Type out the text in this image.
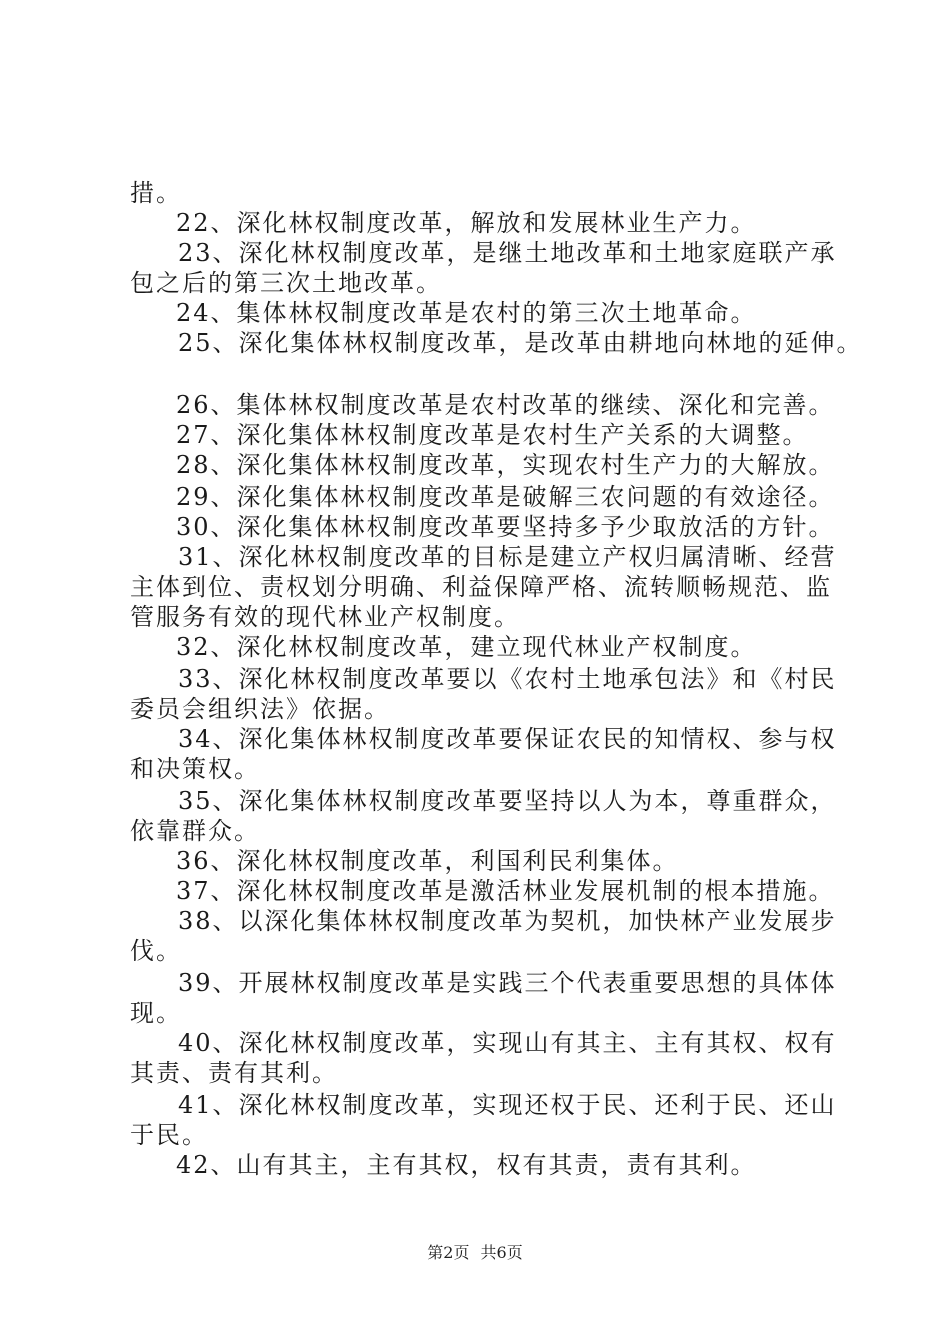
措。
22、深化林权制度改革，解放和发展林业生产力。
23、深化林权制度改革，是继土地改革和土地家庭联产承
包之后的第三次土地改革。
24、集体林权制度改革是农村的第三次土地革命。
25、深化集体林权制度改革，是改革由耕地向林地的延伸。
26、集体林权制度改革是农村改革的继续、深化和完善。
27、深化集体林权制度改革是农村生产关系的大调整。
28、深化集体林权制度改革，实现农村生产力的大解放。
29、深化集体林权制度改革是破解三农问题的有效途径。
30、深化集体林权制度改革要坚持多予少取放活的方针。
31、深化林权制度改革的目标是建立产权归属清晰、经营
主体到位、责权划分明确、利益保障严格、流转顺畅规范、监
管服务有效的现代林业产权制度。
32、深化林权制度改革，建立现代林业产权制度。
33、深化林权制度改革要以《农村土地承包法》和《村民
委员会组织法》依据。
34、深化集体林权制度改革要保证农民的知情权、参与权
和决策权。
35、深化集体林权制度改革要坚持以人为本，尊重群众，
依靠群众。
36、深化林权制度改革，利国利民利集体。
37、深化林权制度改革是激活林业发展机制的根本措施。
38、以深化集体林权制度改革为契机，加快林产业发展步
伐。
39、开展林权制度改革是实践三个代表重要思想的具体体
现。
40、深化林权制度改革，实现山有其主、主有其权、权有
其责、责有其利。
41、深化林权制度改革，实现还权于民、还利于民、还山
于民。
42、山有其主，主有其权，权有其责，责有其利。
第2页 共6页
